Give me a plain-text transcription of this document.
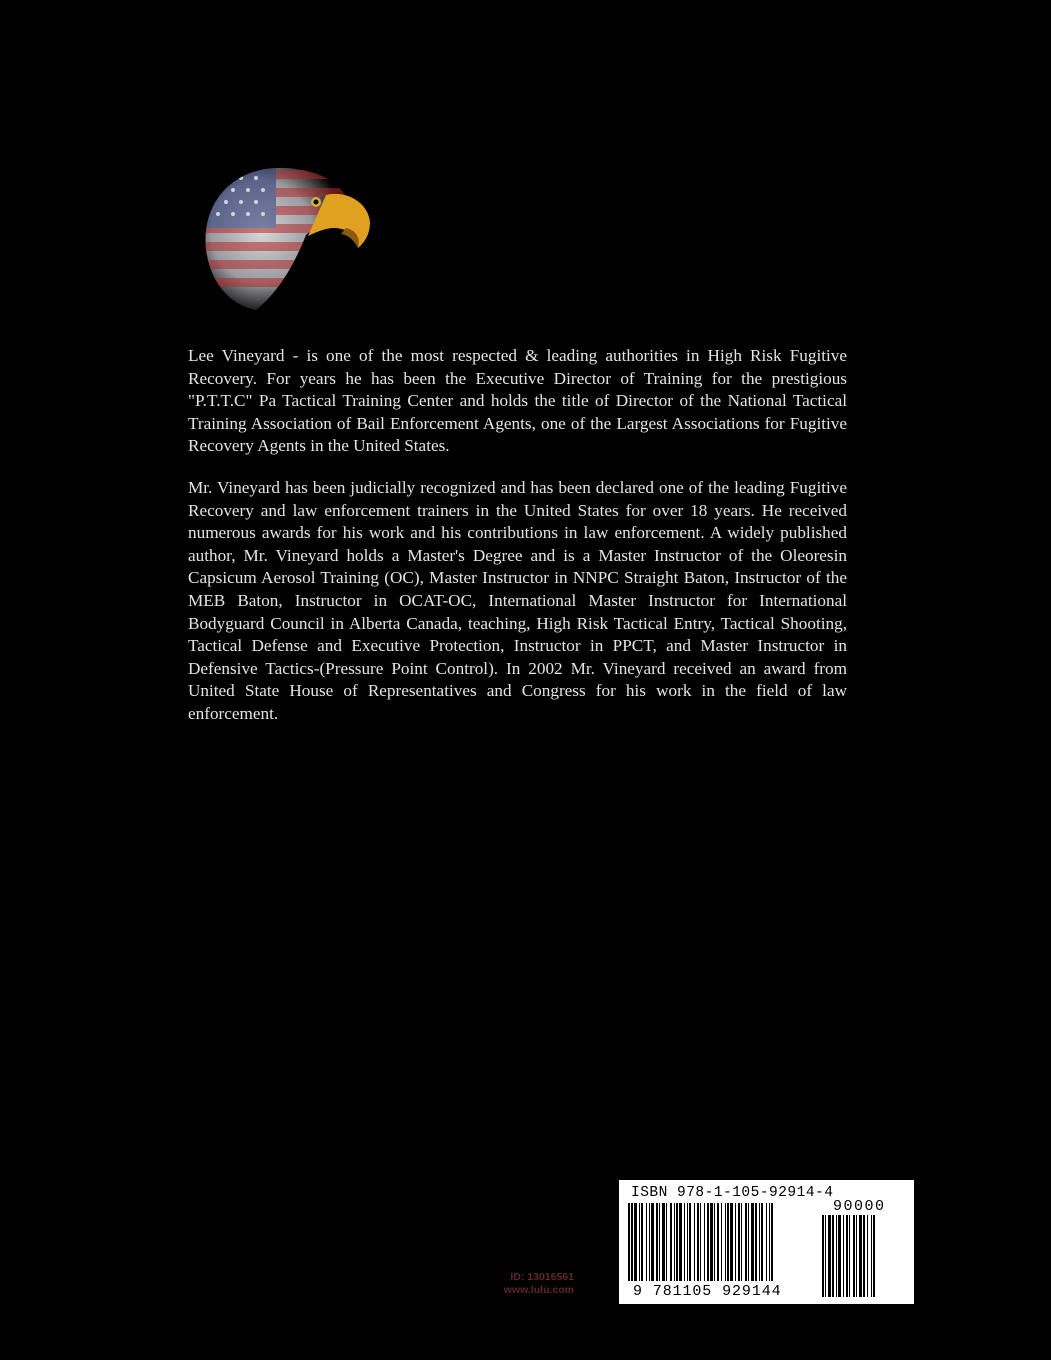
Lee Vineyard - is one of the most respected & leading authorities in High Risk Fugitive Recovery. For years he has been the Executive Director of Training for the prestigious "P.T.T.C" Pa Tactical Training Center and holds the title of Director of the National Tactical Training Association of Bail Enforcement Agents, one of the Largest Associations for Fugitive Recovery Agents in the United States.

Mr. Vineyard has been judicially recognized and has been declared one of the leading Fugitive Recovery and law enforcement trainers in the United States for over 18 years. He received numerous awards for his work and his contributions in law enforcement. A widely published author, Mr. Vineyard holds a Master's Degree and is a Master Instructor of the Oleoresin Capsicum Aerosol Training (OC), Master Instructor in NNPC Straight Baton, Instructor of the MEB Baton, Instructor in OCAT-OC, International Master Instructor for International Bodyguard Council in Alberta Canada, teaching, High Risk Tactical Entry, Tactical Shooting, Tactical Defense and Executive Protection, Instructor in PPCT, and Master Instructor in Defensive Tactics-(Pressure Point Control). In 2002 Mr. Vineyard received an award from United State House of Representatives and Congress for his work in the field of law enforcement.

ID: 13016561
www.lulu.com
ISBN 978-1-105-92914-4
90000
9 781105 929144
